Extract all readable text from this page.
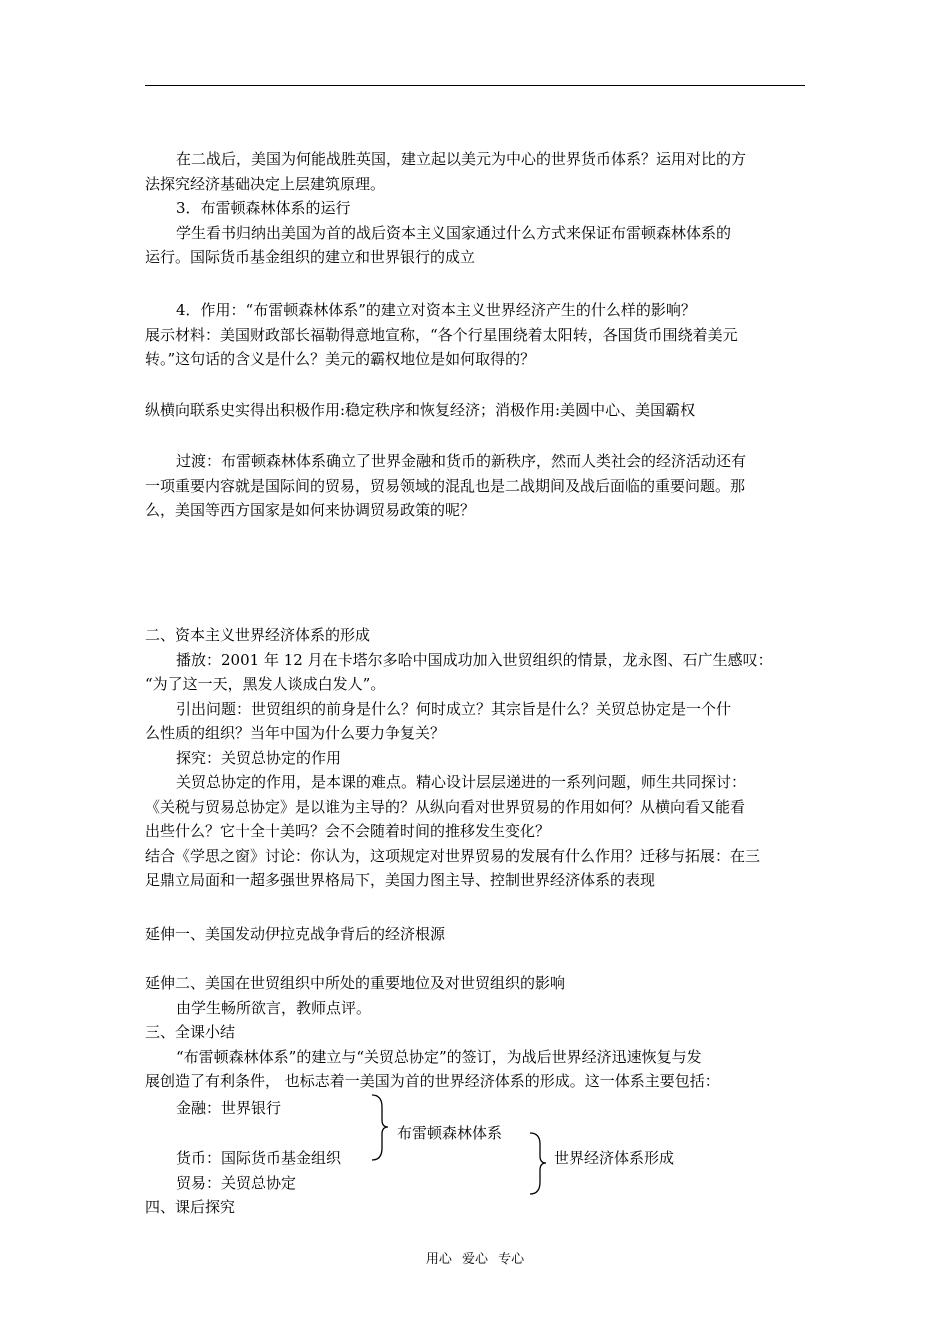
在二战后，美国为何能战胜英国，建立起以美元为中心的世界货币体系？运用对比的方
法探究经济基础决定上层建筑原理。
3．布雷顿森林体系的运行
学生看书归纳出美国为首的战后资本主义国家通过什么方式来保证布雷顿森林体系的
运行。国际货币基金组织的建立和世界银行的成立
4．作用：“布雷顿森林体系”的建立对资本主义世界经济产生的什么样的影响？
展示材料：美国财政部长福勒得意地宣称，“各个行星围绕着太阳转，各国货币围绕着美元
转。”这句话的含义是什么？美元的霸权地位是如何取得的？
纵横向联系史实得出积极作用:稳定秩序和恢复经济；消极作用:美圆中心、美国霸权
过渡：布雷顿森林体系确立了世界金融和货币的新秩序，然而人类社会的经济活动还有
一项重要内容就是国际间的贸易，贸易领域的混乱也是二战期间及战后面临的重要问题。那
么，美国等西方国家是如何来协调贸易政策的呢？
二、资本主义世界经济体系的形成
播放：2001 年 12 月在卡塔尔多哈中国成功加入世贸组织的情景，龙永图、石广生感叹：
“为了这一天，黑发人谈成白发人”。
引出问题：世贸组织的前身是什么？何时成立？其宗旨是什么？关贸总协定是一个什
么性质的组织？当年中国为什么要力争复关？
探究：关贸总协定的作用
关贸总协定的作用，是本课的难点。精心设计层层递进的一系列问题，师生共同探讨：
《关税与贸易总协定》是以谁为主导的？从纵向看对世界贸易的作用如何？从横向看又能看
出些什么？它十全十美吗？会不会随着时间的推移发生变化？
结合《学思之窗》讨论：你认为，这项规定对世界贸易的发展有什么作用？迁移与拓展：在三
足鼎立局面和一超多强世界格局下，美国力图主导、控制世界经济体系的表现
延伸一、美国发动伊拉克战争背后的经济根源
延伸二、美国在世贸组织中所处的重要地位及对世贸组织的影响
由学生畅所欲言，教师点评。
三、全课小结
“布雷顿森林体系”的建立与“关贸总协定”的签订，为战后世界经济迅速恢复与发
展创造了有利条件， 也标志着一美国为首的世界经济体系的形成。这一体系主要包括：
金融：世界银行
货币：国际货币基金组织
贸易：关贸总协定
布雷顿森林体系
世界经济体系形成
四、课后探究
用心 爱心 专心
